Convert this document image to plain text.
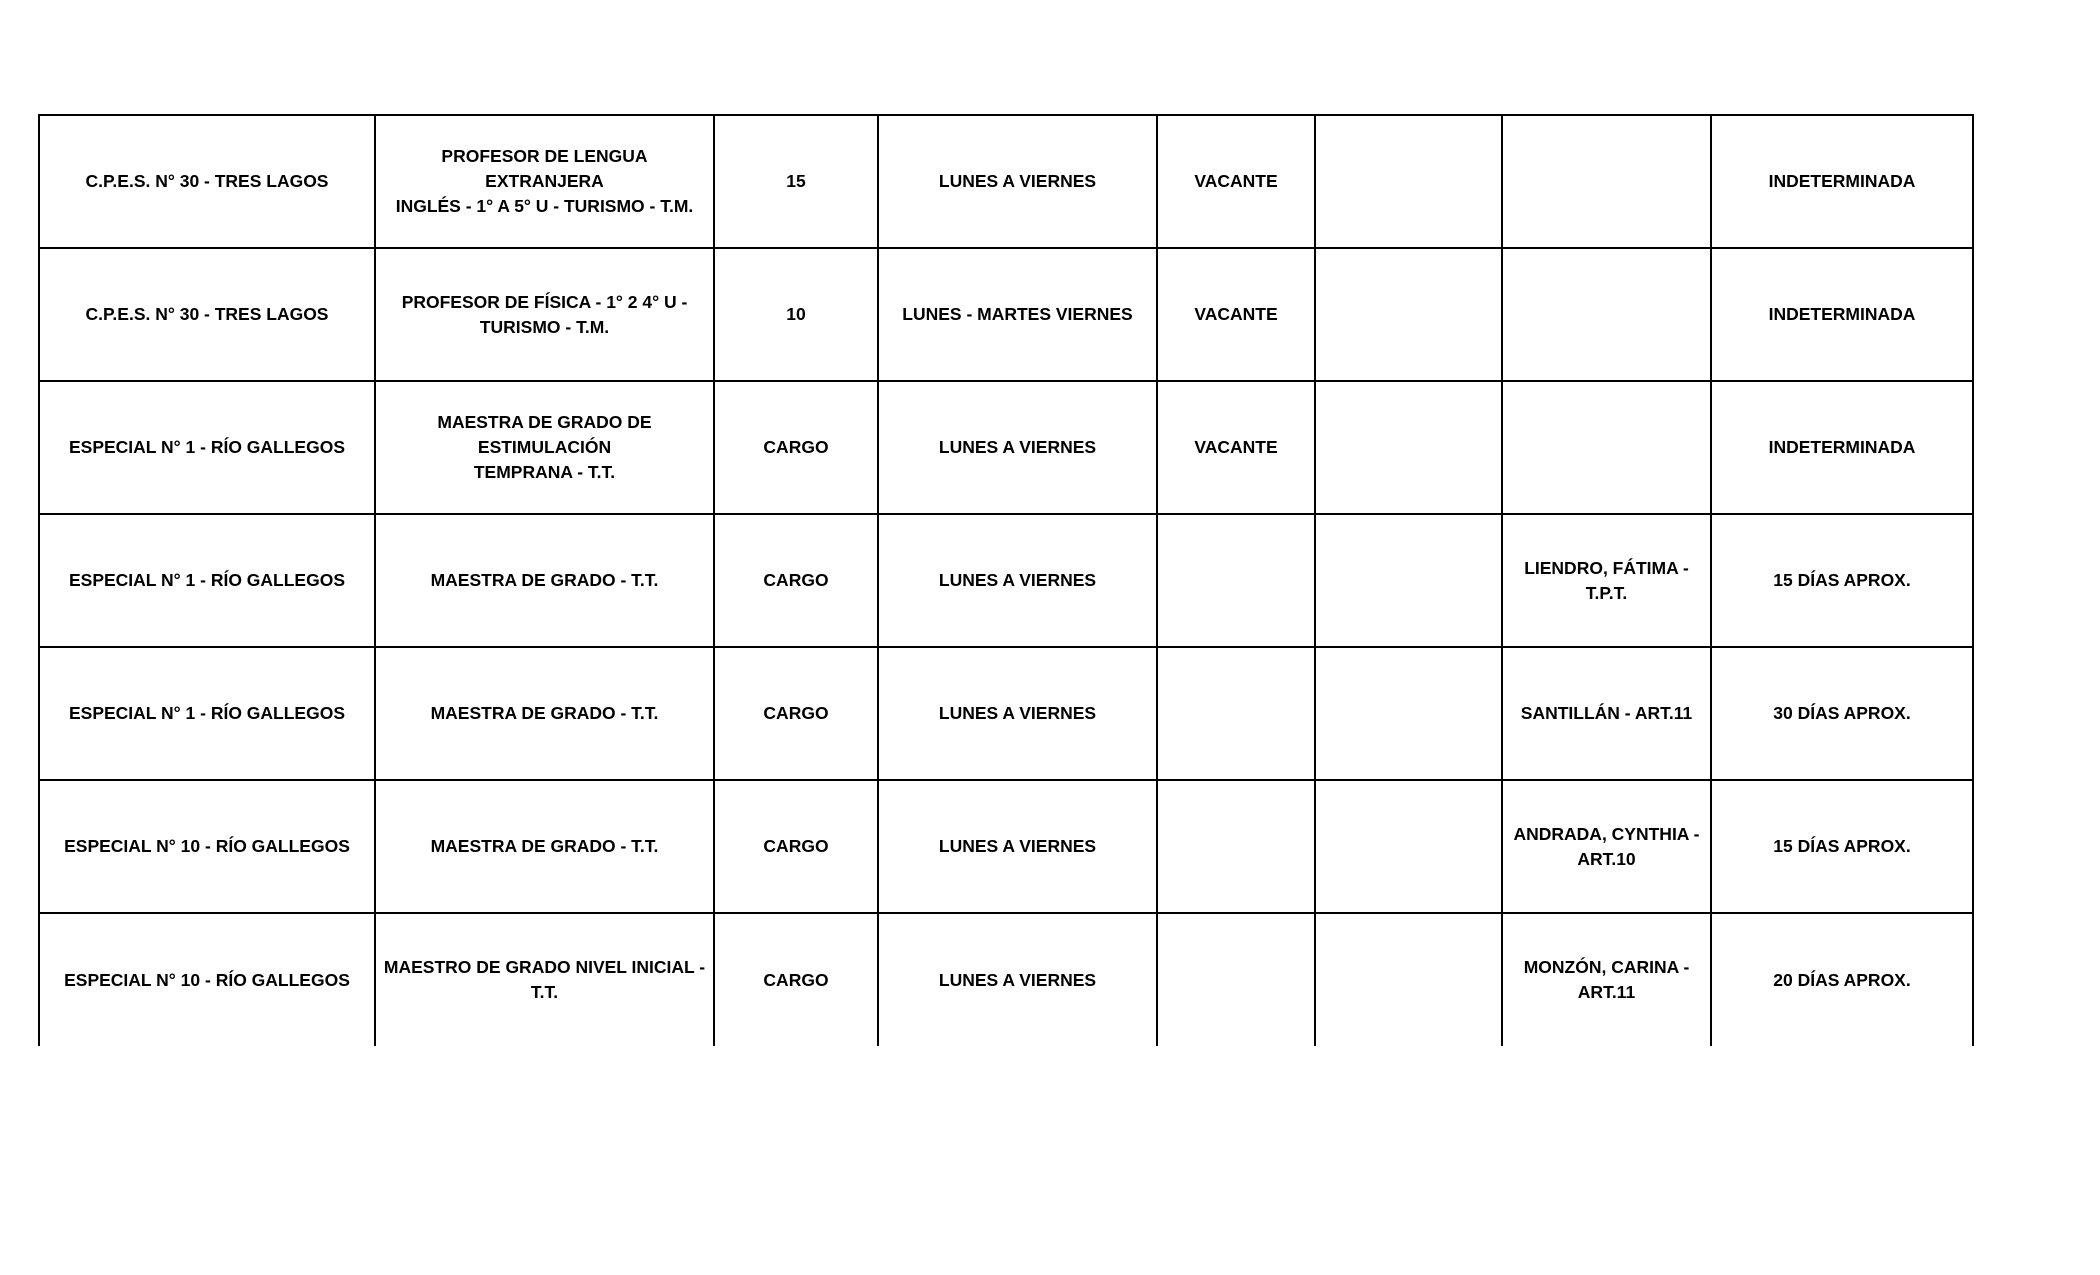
C.P.E.S. N° 30 - TRES LAGOS	PROFESOR DE LENGUA EXTRANJERA
INGLÉS - 1° A 5° U - TURISMO - T.M.	15	LUNES A VIERNES	VACANTE			INDETERMINADA
C.P.E.S. N° 30 - TRES LAGOS	PROFESOR DE FÍSICA - 1° 2 4° U -
TURISMO - T.M.	10	LUNES - MARTES VIERNES	VACANTE			INDETERMINADA
ESPECIAL N° 1 - RÍO GALLEGOS	MAESTRA DE GRADO DE ESTIMULACIÓN
TEMPRANA - T.T.	CARGO	LUNES A VIERNES	VACANTE			INDETERMINADA
ESPECIAL N° 1 - RÍO GALLEGOS	MAESTRA DE GRADO - T.T.	CARGO	LUNES A VIERNES			LIENDRO, FÁTIMA - T.P.T.	15 DÍAS APROX.
ESPECIAL N° 1 - RÍO GALLEGOS	MAESTRA DE GRADO - T.T.	CARGO	LUNES A VIERNES			SANTILLÁN - ART.11	30 DÍAS APROX.
ESPECIAL N° 10 - RÍO GALLEGOS	MAESTRA DE GRADO - T.T.	CARGO	LUNES A VIERNES			ANDRADA, CYNTHIA -
ART.10	15 DÍAS APROX.
ESPECIAL N° 10 - RÍO GALLEGOS	MAESTRO DE GRADO NIVEL INICIAL - T.T.	CARGO	LUNES A VIERNES			MONZÓN, CARINA -
ART.11	20 DÍAS APROX.
